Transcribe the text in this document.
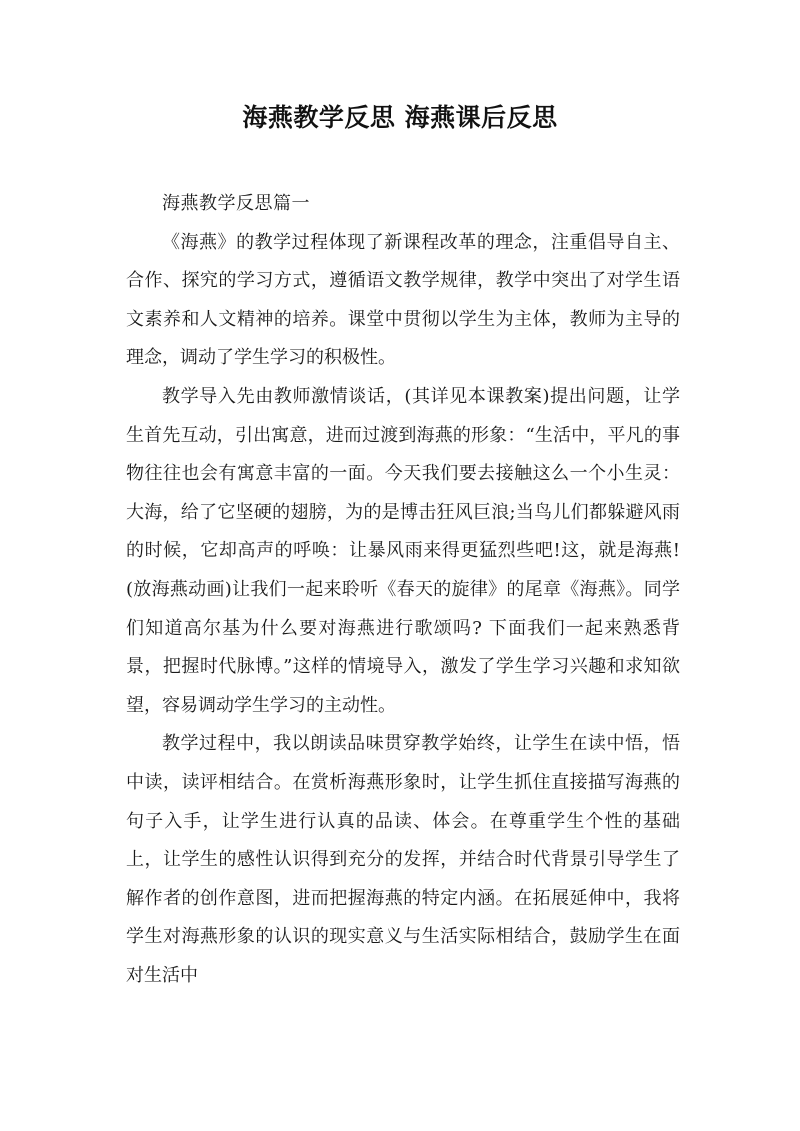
海燕教学反思 海燕课后反思
海燕教学反思篇一

《海燕》的教学过程体现了新课程改革的理念，注重倡导自主、合作、探究的学习方式，遵循语文教学规律，教学中突出了对学生语文素养和人文精神的培养。课堂中贯彻以学生为主体，教师为主导的理念，调动了学生学习的积极性。

教学导入先由教师激情谈话，(其详见本课教案)提出问题，让学生首先互动，引出寓意，进而过渡到海燕的形象：“生活中，平凡的事物往往也会有寓意丰富的一面。今天我们要去接触这么一个小生灵：大海，给了它坚硬的翅膀，为的是博击狂风巨浪;当鸟儿们都躲避风雨的时候，它却高声的呼唤：让暴风雨来得更猛烈些吧!这，就是海燕!(放海燕动画)让我们一起来聆听《春天的旋律》的尾章《海燕》。同学们知道高尔基为什么要对海燕进行歌颂吗? 下面我们一起来熟悉背景，把握时代脉博。”这样的情境导入，激发了学生学习兴趣和求知欲望，容易调动学生学习的主动性。

教学过程中，我以朗读品味贯穿教学始终，让学生在读中悟，悟中读，读评相结合。在赏析海燕形象时，让学生抓住直接描写海燕的句子入手，让学生进行认真的品读、体会。在尊重学生个性的基础上，让学生的感性认识得到充分的发挥，并结合时代背景引导学生了解作者的创作意图，进而把握海燕的特定内涵。在拓展延伸中，我将学生对海燕形象的认识的现实意义与生活实际相结合，鼓励学生在面对生活中
